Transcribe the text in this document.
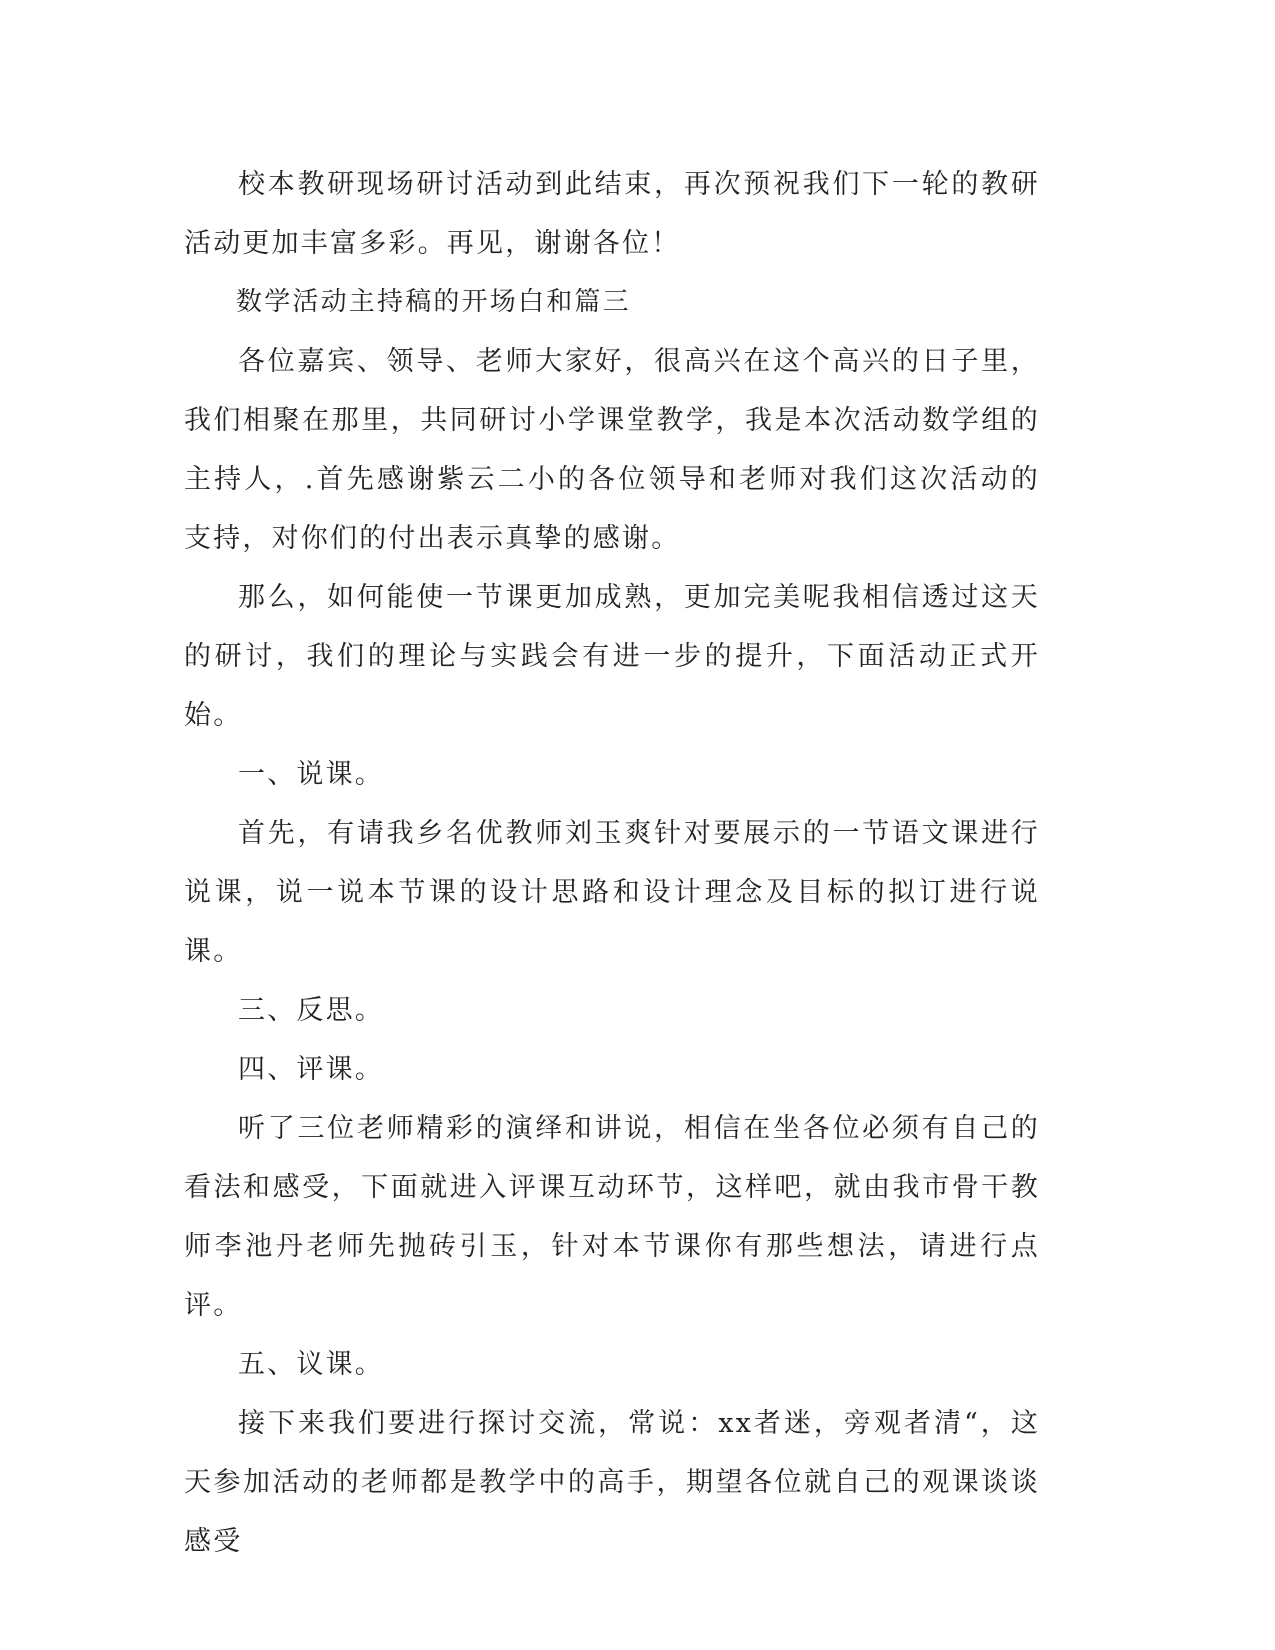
校本教研现场研讨活动到此结束，再次预祝我们下一轮的教研活动更加丰富多彩。再见，谢谢各位！

数学活动主持稿的开场白和篇三

各位嘉宾、领导、老师大家好，很高兴在这个高兴的日子里，我们相聚在那里，共同研讨小学课堂教学，我是本次活动数学组的主持人，.首先感谢紫云二小的各位领导和老师对我们这次活动的支持，对你们的付出表示真挚的感谢。

那么，如何能使一节课更加成熟，更加完美呢我相信透过这天的研讨，我们的理论与实践会有进一步的提升，下面活动正式开始。

一、说课。

首先，有请我乡名优教师刘玉爽针对要展示的一节语文课进行说课，说一说本节课的设计思路和设计理念及目标的拟订进行说课。

三、反思。

四、评课。

听了三位老师精彩的演绎和讲说，相信在坐各位必须有自己的看法和感受，下面就进入评课互动环节，这样吧，就由我市骨干教师李池丹老师先抛砖引玉，针对本节课你有那些想法，请进行点评。

五、议课。

接下来我们要进行探讨交流，常说：xx者迷，旁观者清“，这天参加活动的老师都是教学中的高手，期望各位就自己的观课谈谈感受
